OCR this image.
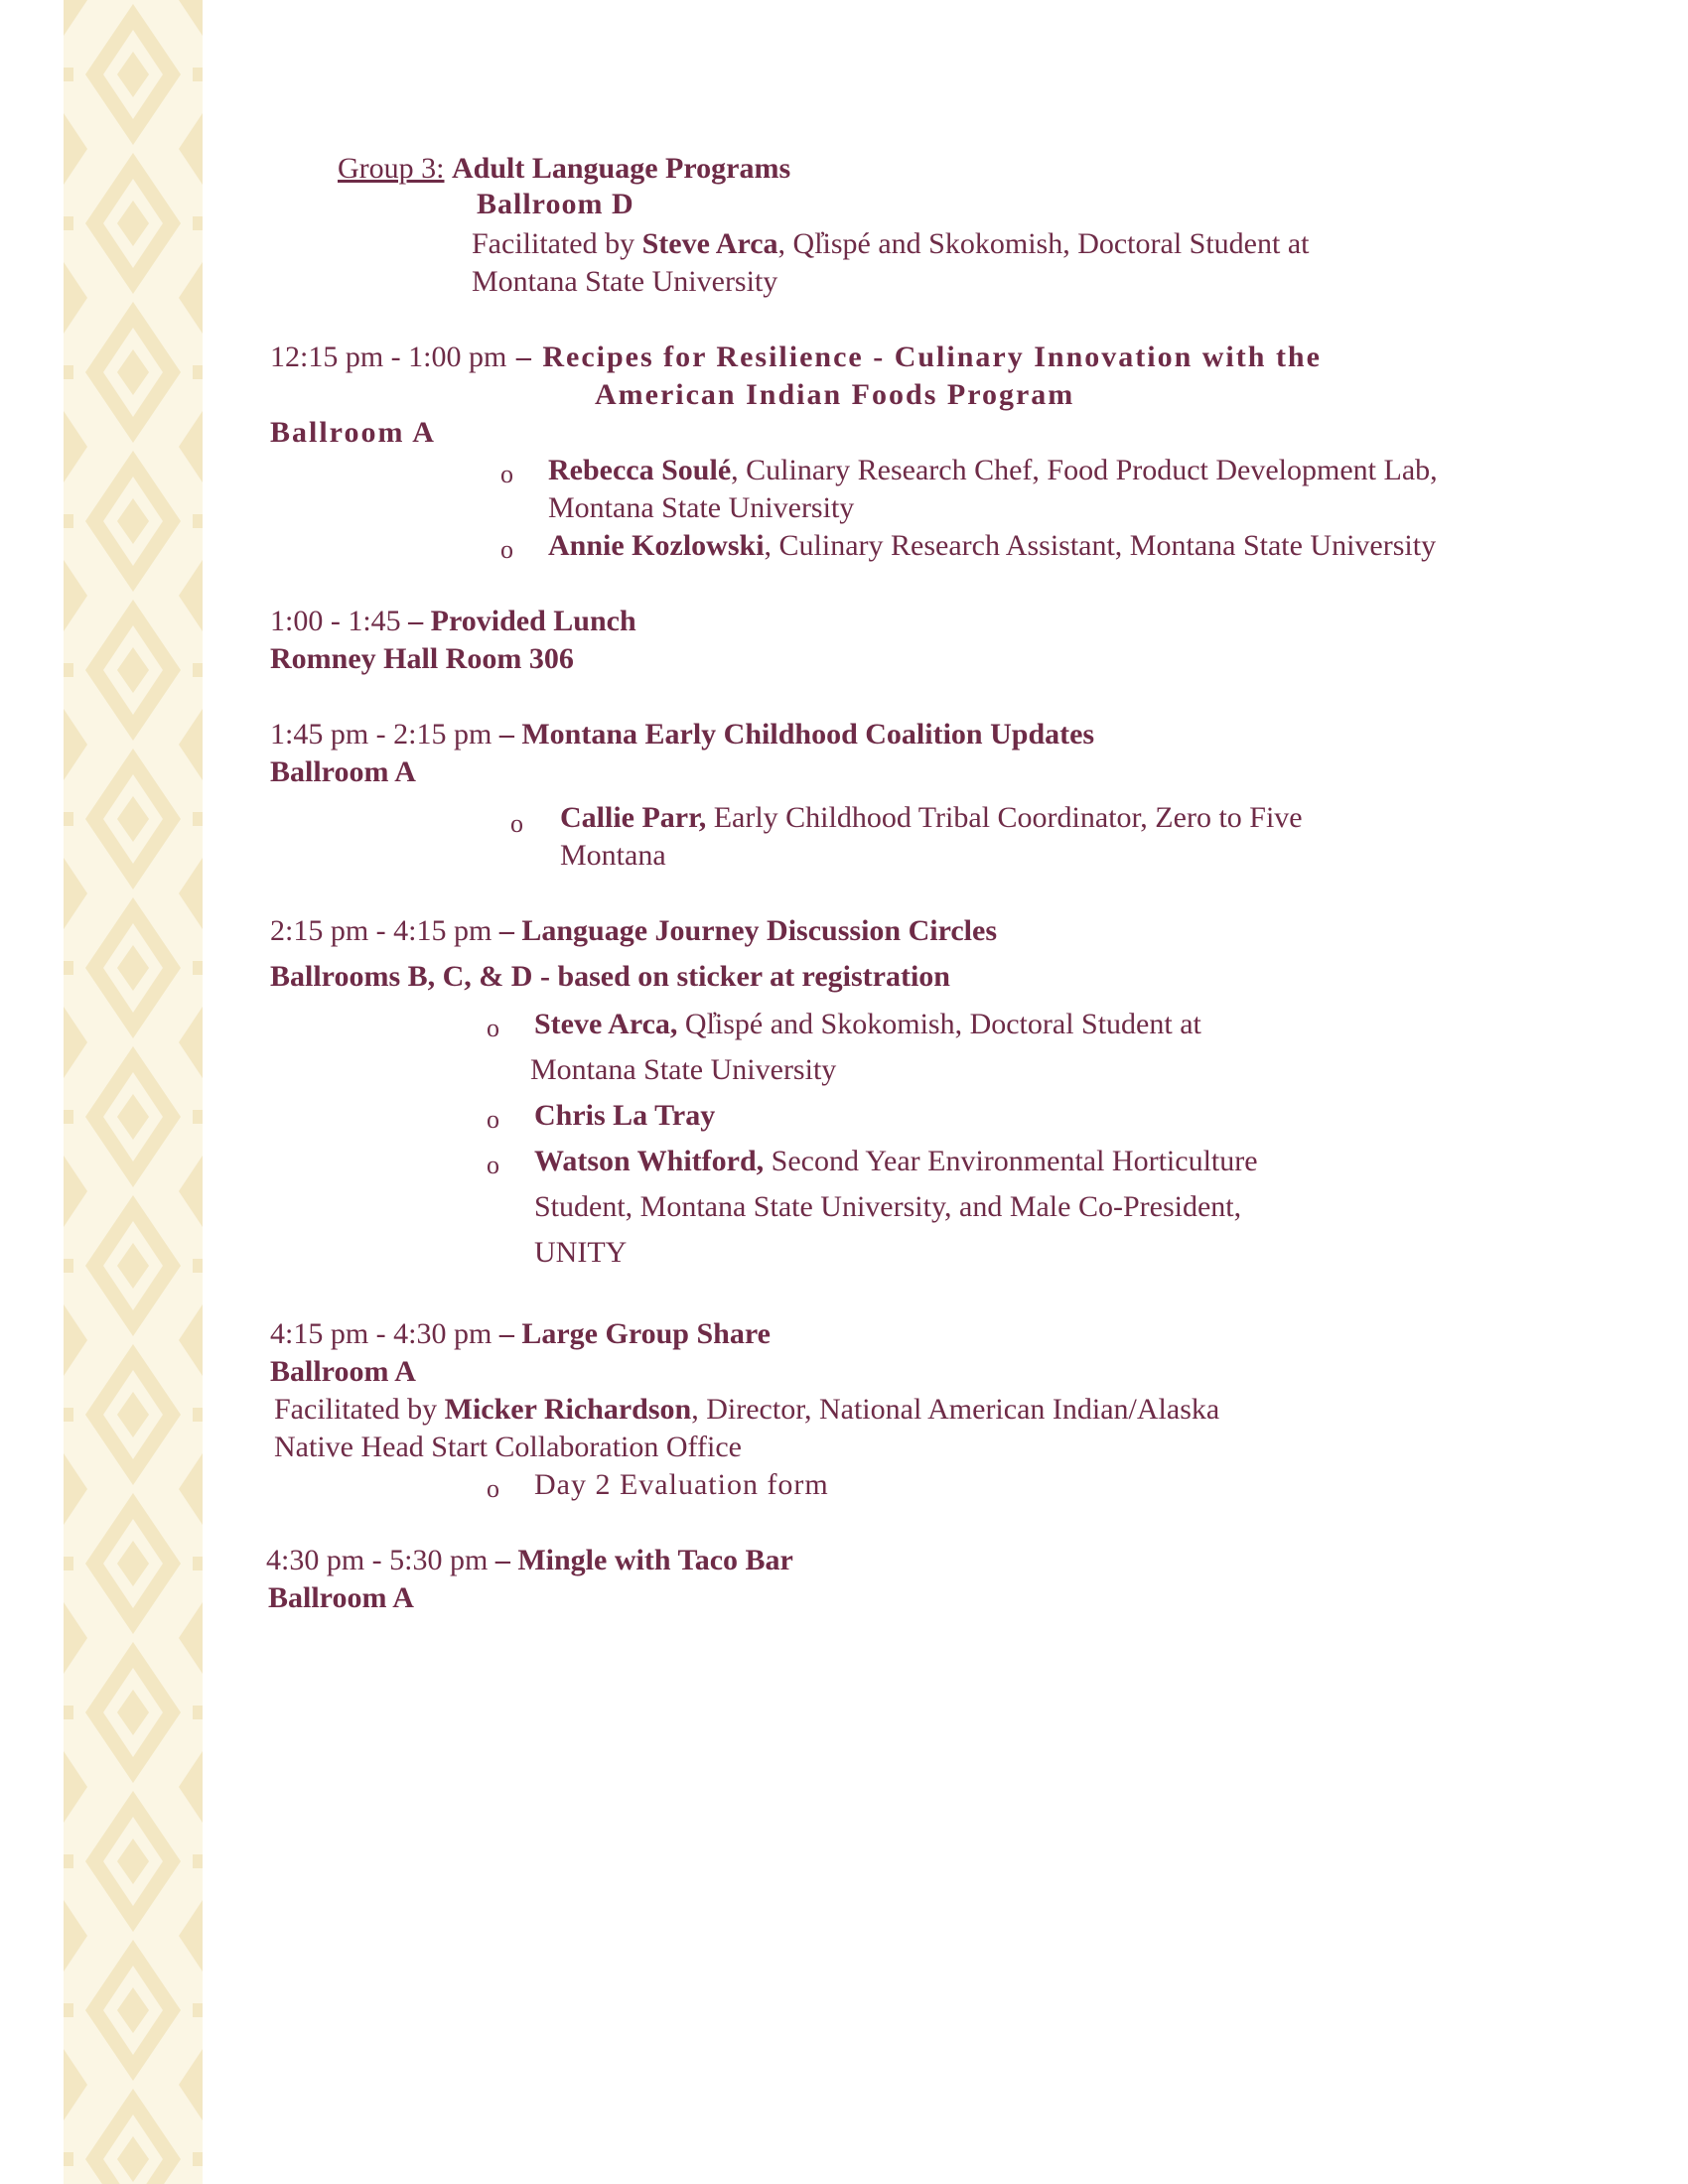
Group 3: Adult Language Programs
Ballroom D
Facilitated by Steve Arca, Ql̓ispé and Skokomish, Doctoral Student at
Montana State University
12:15 pm - 1:00 pm – Recipes for Resilience - Culinary Innovation with the
American Indian Foods Program
Ballroom A
o Rebecca Soulé, Culinary Research Chef, Food Product Development Lab,
Montana State University
o Annie Kozlowski, Culinary Research Assistant, Montana State University
1:00 - 1:45 – Provided Lunch
Romney Hall Room 306
1:45 pm - 2:15 pm – Montana Early Childhood Coalition Updates
Ballroom A
o Callie Parr, Early Childhood Tribal Coordinator, Zero to Five
Montana
2:15 pm - 4:15 pm – Language Journey Discussion Circles
Ballrooms B, C, & D - based on sticker at registration
o Steve Arca, Ql̓ispé and Skokomish, Doctoral Student at
Montana State University
o Chris La Tray
o Watson Whitford, Second Year Environmental Horticulture
Student, Montana State University, and Male Co-President,
UNITY
4:15 pm - 4:30 pm – Large Group Share
Ballroom A
Facilitated by Micker Richardson, Director, National American Indian/Alaska
Native Head Start Collaboration Office
o Day 2 Evaluation form
4:30 pm - 5:30 pm – Mingle with Taco Bar
Ballroom A
